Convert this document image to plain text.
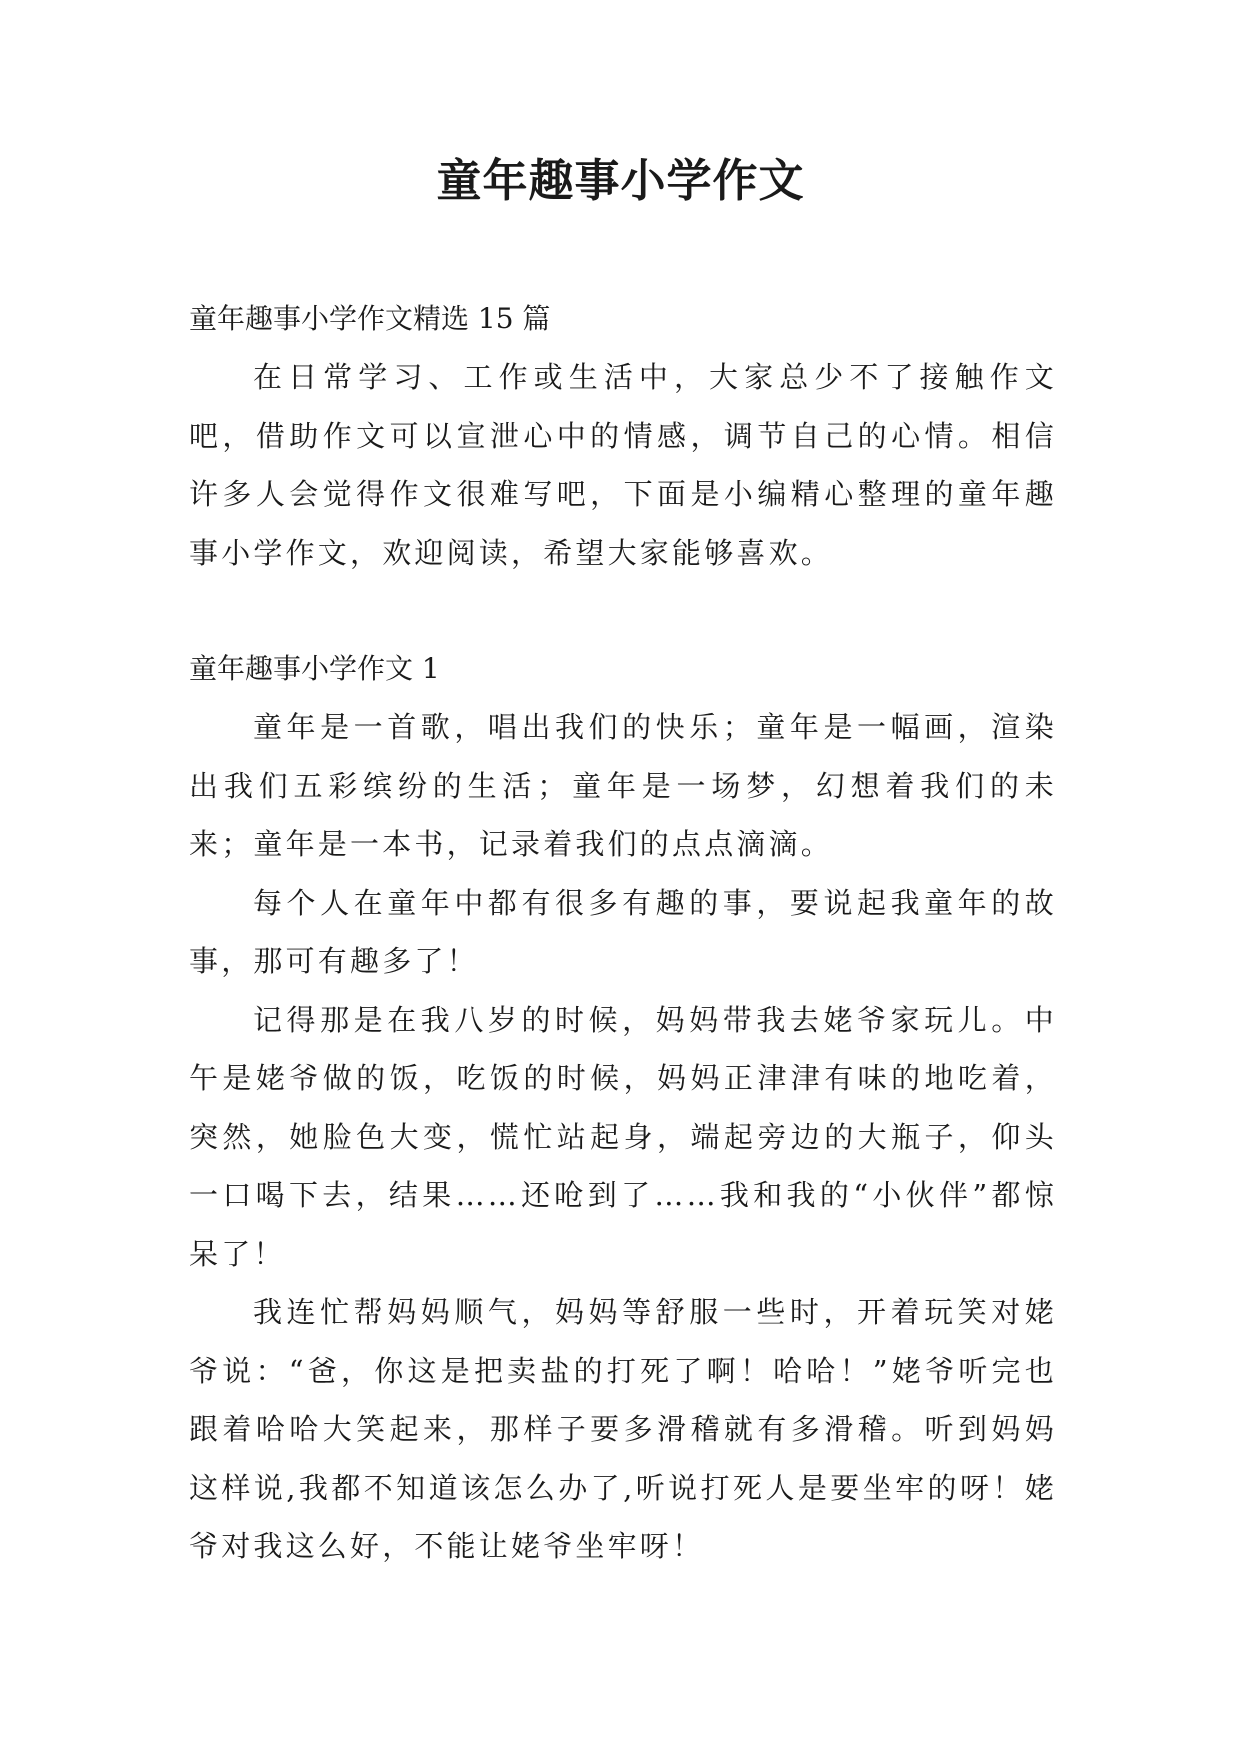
童年趣事小学作文

童年趣事小学作文精选 15 篇

在日常学习、工作或生活中，大家总少不了接触作文吧，借助作文可以宣泄心中的情感，调节自己的心情。相信许多人会觉得作文很难写吧，下面是小编精心整理的童年趣事小学作文，欢迎阅读，希望大家能够喜欢。

童年趣事小学作文 1

童年是一首歌，唱出我们的快乐；童年是一幅画，渲染出我们五彩缤纷的生活；童年是一场梦，幻想着我们的未来；童年是一本书，记录着我们的点点滴滴。

每个人在童年中都有很多有趣的事，要说起我童年的故事，那可有趣多了！

记得那是在我八岁的时候，妈妈带我去姥爷家玩儿。中午是姥爷做的饭，吃饭的时候，妈妈正津津有味的地吃着，突然，她脸色大变，慌忙站起身，端起旁边的大瓶子，仰头一口喝下去，结果……还呛到了……我和我的“小伙伴”都惊呆了！

我连忙帮妈妈顺气，妈妈等舒服一些时，开着玩笑对姥爷说：“爸，你这是把卖盐的打死了啊！哈哈！”姥爷听完也跟着哈哈大笑起来，那样子要多滑稽就有多滑稽。听到妈妈这样说,我都不知道该怎么办了,听说打死人是要坐牢的呀！姥爷对我这么好，不能让姥爷坐牢呀！
